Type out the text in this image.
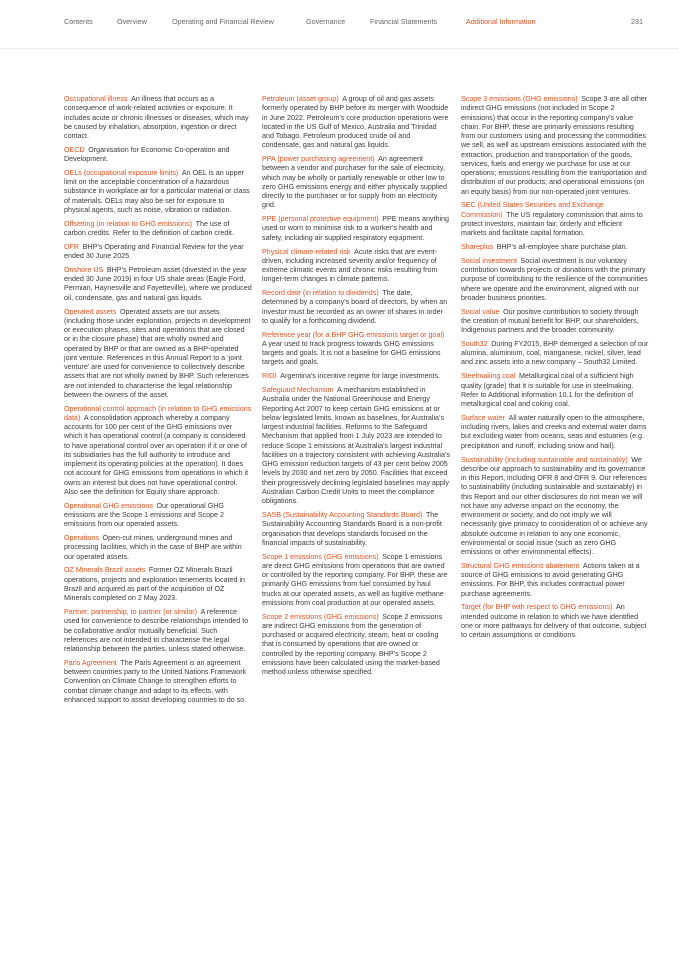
Contents	Overview	Operating and Financial Review	Governance	Financial Statements	Additional Information	231

Occupational illness  An illness that occurs as a consequence of work-related activities or exposure. It includes acute or chronic illnesses or diseases, which may be caused by inhalation, absorption, ingestion or direct contact.

OECD  Organisation for Economic Co-operation and Development.

OELs (occupational exposure limits)  An OEL is an upper limit on the acceptable concentration of a hazardous substance in workplace air for a particular material or class of materials. OELs may also be set for exposure to physical agents, such as noise, vibration or radiation.

Offsetting (in relation to GHG emissions)  The use of carbon credits. Refer to the definition of carbon credit.

OFR  BHP’s Operating and Financial Review for the year ended 30 June 2025.

Onshore US  BHP’s Petroleum asset (divested in the year ended 30 June 2019) in four US shale areas (Eagle Ford, Permian, Haynesville and Fayetteville), where we produced oil, condensate, gas and natural gas liquids.

Operated assets  Operated assets are our assets (including those under exploration, projects in development or execution phases, sites and operations that are closed or in the closure phase) that are wholly owned and operated by BHP or that are owned as a BHP-operated joint venture. References in this Annual Report to a ‘joint venture’ are used for convenience to collectively describe assets that are not wholly owned by BHP. Such references are not intended to characterise the legal relationship between the owners of the asset.

Operational control approach (in relation to GHG emissions data)  A consolidation approach whereby a company accounts for 100 per cent of the GHG emissions over which it has operational control (a company is considered to have operational control over an operation if it or one of its subsidiaries has the full authority to introduce and implement its operating policies at the operation). It does not account for GHG emissions from operations in which it owns an interest but does not have operational control. Also see the definition for Equity share approach.

Operational GHG emissions  Our operational GHG emissions are the Scope 1 emissions and Scope 2 emissions from our operated assets.

Operations  Open-cut mines, underground mines and processing facilities, which in the case of BHP are within our operated assets.

OZ Minerals Brazil assets  Former OZ Minerals Brazil operations, projects and exploration tenements located in Brazil and acquired as part of the acquisition of OZ Minerals completed on 2 May 2023.

Partner, partnership, to partner (or similar)  A reference used for convenience to describe relationships intended to be collaborative and/or mutually beneficial. Such references are not intended to characterise the legal relationship between the parties, unless stated otherwise.

Paris Agreement  The Paris Agreement is an agreement between countries party to the United Nations Framework Convention on Climate Change to strengthen efforts to combat climate change and adapt to its effects, with enhanced support to assist developing countries to do so.

Petroleum (asset group)  A group of oil and gas assets formerly operated by BHP before its merger with Woodside in June 2022. Petroleum’s core production operations were located in the US Gulf of Mexico, Australia and Trinidad and Tobago. Petroleum produced crude oil and condensate, gas and natural gas liquids.

PPA (power purchasing agreement)  An agreement between a vendor and purchaser for the sale of electricity, which may be wholly or partially renewable or other low to zero GHG emissions energy and either physically supplied directly to the purchaser or for supply from an electricity grid.

PPE (personal protective equipment)  PPE means anything used or worn to minimise risk to a worker’s health and safety, including air supplied respiratory equipment.

Physical climate-related risk  Acute risks that are event-driven, including increased severity and/or frequency of extreme climatic events and chronic risks resulting from longer-term changes in climate patterns.

Record date (in relation to dividends)  The date, determined by a company’s board of directors, by when an investor must be recorded as an owner of shares in order to qualify for a forthcoming dividend.

Reference year (for a BHP GHG emissions target or goal) A year used to track progress towards GHG emissions targets and goals. It is not a baseline for GHG emissions targets and goals.

RIGI  Argentina’s incentive regime for large investments.

Safeguard Mechanism  A mechanism established in Australia under the National Greenhouse and Energy Reporting Act 2007 to keep certain GHG emissions at or below legislated limits, known as baselines, for Australia’s largest industrial facilities. Reforms to the Safeguard Mechanism that applied from 1 July 2023 are intended to reduce Scope 1 emissions at Australia’s largest industrial facilities on a trajectory consistent with achieving Australia’s GHG emission reduction targets of 43 per cent below 2005 levels by 2030 and net zero by 2050. Facilities that exceed their progressively declining legislated baselines may apply Australian Carbon Credit Units to meet the compliance obligations.

SASB (Sustainability Accounting Standards Board)  The Sustainability Accounting Standards Board is a non-profit organisation that develops standards focused on the financial impacts of sustainability.

Scope 1 emissions (GHG emissions)  Scope 1 emissions are direct GHG emissions from operations that are owned or controlled by the reporting company. For BHP, these are primarily GHG emissions from fuel consumed by haul trucks at our operated assets, as well as fugitive methane emissions from coal production at our operated assets.

Scope 2 emissions (GHG emissions)  Scope 2 emissions are indirect GHG emissions from the generation of purchased or acquired electricity, steam, heat or cooling that is consumed by operations that are owned or controlled by the reporting company. BHP’s Scope 2 emissions have been calculated using the market-based method unless otherwise specified.

Scope 3 emissions (GHG emissions)  Scope 3 are all other indirect GHG emissions (not included in Scope 2 emissions) that occur in the reporting company’s value chain. For BHP, these are primarily emissions resulting from our customers using and processing the commodities we sell, as well as upstream emissions associated with the extraction, production and transportation of the goods, services, fuels and energy we purchase for use at our operations; emissions resulting from the transportation and distribution of our products; and operational emissions (on an equity basis) from our non-operated joint ventures.

SEC (United States Securities and Exchange Commission)  The US regulatory commission that aims to protect investors, maintain fair, orderly and efficient markets and facilitate capital formation.

Shareplus  BHP’s all-employee share purchase plan.

Social investment  Social investment is our voluntary contribution towards projects or donations with the primary purpose of contributing to the resilience of the communities where we operate and the environment, aligned with our broader business priorities.

Social value  Our positive contribution to society through the creation of mutual benefit for BHP, our shareholders, Indigenous partners and the broader community.

South32  During FY2015, BHP demerged a selection of our alumina, aluminium, coal, manganese, nickel, silver, lead and zinc assets into a new company – South32 Limited.

Steelmaking coal  Metallurgical coal of a sufficient high quality (grade) that it is suitable for use in steelmaking. Refer to Additional information 10.1 for the definition of metallurgical coal and coking coal.

Surface water  All water naturally open to the atmosphere, including rivers, lakes and creeks and external water dams but excluding water from oceans, seas and estuaries (e.g. precipitation and runoff, including snow and hail).

Sustainability (including sustainable and sustainably)  We describe our approach to sustainability and its governance in this Report, including OFR 8 and OFR 9. Our references to sustainability (including sustainable and sustainably) in this Report and our other disclosures do not mean we will not have any adverse impact on the economy, the environment or society, and do not imply we will necessarily give primacy to consideration of or achieve any absolute outcome in relation to any one economic, environmental or social issue (such as zero GHG emissions or other environmental effects).

Structural GHG emissions abatement  Actions taken at a source of GHG emissions to avoid generating GHG emissions. For BHP, this includes contractual power purchase agreements.

Target (for BHP with respect to GHG emissions)  An intended outcome in relation to which we have identified one or more pathways for delivery of that outcome, subject to certain assumptions or conditions.
